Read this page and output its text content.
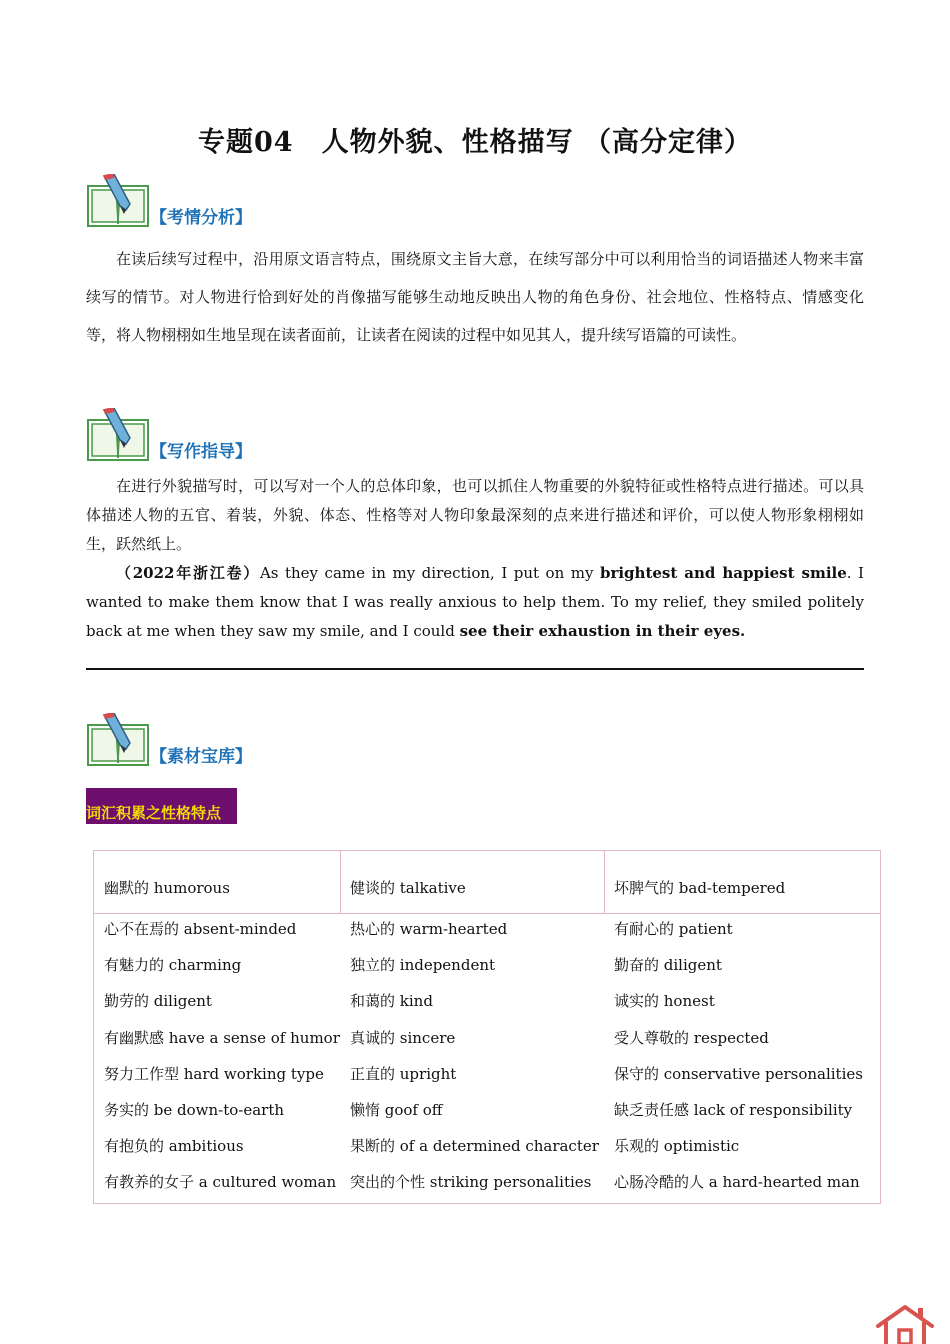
专题04　人物外貌、性格描写 （高分定律）
【考情分析】
在读后续写过程中，沿用原文语言特点，围绕原文主旨大意，在续写部分中可以利用恰当的词语描述人物来丰富续写的情节。对人物进行恰到好处的肖像描写能够生动地反映出人物的角色身份、社会地位、性格特点、情感变化等，将人物栩栩如生地呈现在读者面前，让读者在阅读的过程中如见其人，提升续写语篇的可读性。
【写作指导】
在进行外貌描写时，可以写对一个人的总体印象，也可以抓住人物重要的外貌特征或性格特点进行描述。可以具体描述人物的五官、着装，外貌、体态、性格等对人物印象最深刻的点来进行描述和评价，可以使人物形象栩栩如生，跃然纸上。
（2022年浙江卷）As they came in my direction, I put on my brightest and happiest smile. I wanted to make them know that I was really anxious to help them. To my relief, they smiled politely back at me when they saw my smile, and I could see their exhaustion in their eyes.
【素材宝库】
词汇积累之性格特点
幽默的 humorous	健谈的 talkative	坏脾气的 bad-tempered
心不在焉的 absent-minded	热心的 warm-hearted	有耐心的 patient
有魅力的 charming	独立的 independent	勤奋的 diligent
勤劳的 diligent	和蔼的 kind	诚实的 honest
有幽默感 have a sense of humor 真诚的 sincere	受人尊敬的 respected
努力工作型 hard working type 正直的 upright	保守的 conservative personalities
务实的 be down-to-earth	懒惰 goof off	缺乏责任感 lack of responsibility
有抱负的 ambitious	果断的 of a determined character 乐观的 optimistic
有教养的女子 a cultured woman 突出的个性 striking personalities 心肠冷酷的人 a hard-hearted man
